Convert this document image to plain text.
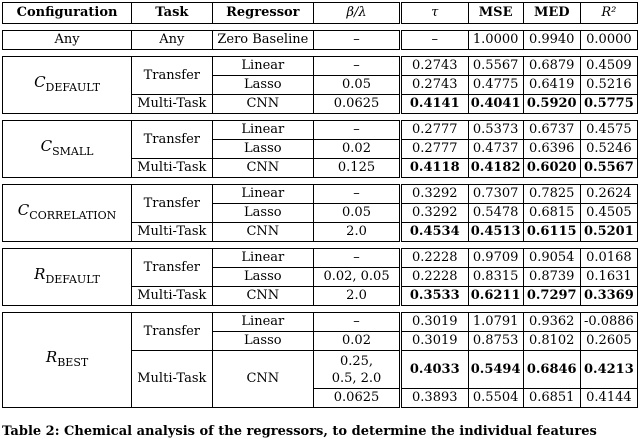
Configuration	Task	Regressor	β/λ	τ	MSE	MED	R²

Any	Any	Zero Baseline	–	–	1.0000	0.9940	0.0000

$C_{DEFAULT}$	Transfer	Linear	–	0.2743	0.5567	0.6879	0.4509
		Lasso	0.05	0.2743	0.4775	0.6419	0.5216
	Multi-Task	CNN	0.0625	0.4141	0.4041	0.5920	0.5775

$C_{SMALL}$	Transfer	Linear	–	0.2777	0.5373	0.6737	0.4575
		Lasso	0.02	0.2777	0.4737	0.6396	0.5246
	Multi-Task	CNN	0.125	0.4118	0.4182	0.6020	0.5567

$C_{CORRELATION}$	Transfer	Linear	–	0.3292	0.7307	0.7825	0.2624
		Lasso	0.05	0.3292	0.5478	0.6815	0.4505
	Multi-Task	CNN	2.0	0.4534	0.4513	0.6115	0.5201

$R_{DEFAULT}$	Transfer	Linear	–	0.2228	0.9709	0.9054	0.0168
		Lasso	0.02, 0.05	0.2228	0.8315	0.8739	0.1631
	Multi-Task	CNN	2.0	0.3533	0.6211	0.7297	0.3369

$R_{BEST}$	Transfer	Linear	–	0.3019	1.0791	0.9362	-0.0886
		Lasso	0.02	0.3019	0.8753	0.8102	0.2605
	Multi-Task	CNN	0.25,
0.5, 2.0	0.4033	0.5494	0.6846	0.4213
			0.0625	0.3893	0.5504	0.6851	0.4144
Table 2: Chemical analysis of the regressors, to determine the individual features
